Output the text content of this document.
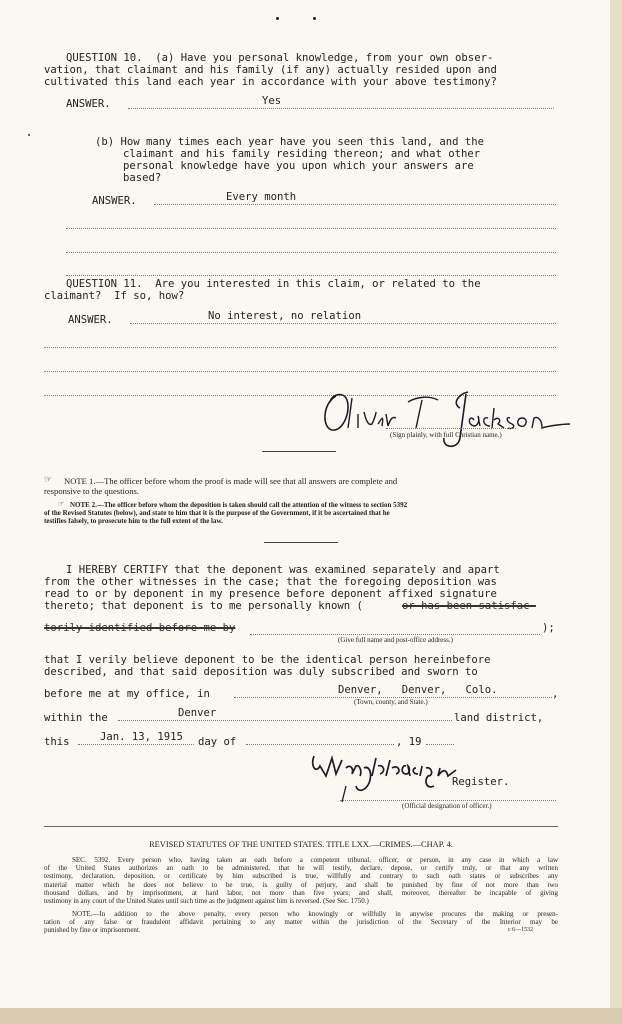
QUESTION 10.  (a) Have you personal knowledge, from your own obser-
vation, that claimant and his family (if any) actually resided upon and
cultivated this land each year in accordance with your above testimony?
ANSWER.	Yes
(b) How many times each year have you seen this land, and the
claimant and his family residing thereon; and what other
personal knowledge have you upon which your answers are
based?
ANSWER.	Every month
QUESTION 11.  Are you interested in this claim, or related to the
claimant?  If so, how?
ANSWER.	No interest, no relation
(Sign plainly, with full Christian name.)
NOTE 1.—The officer before whom the proof is made will see that all answers are complete and
responsive to the questions.
☞
NOTE 2.—The officer before whom the deposition is taken should call the attention of the witness to section 5392
of the Revised Statutes (below), and state to him that it is the purpose of the Government, if it be ascertained that he
testifies falsely, to prosecute him to the full extent of the law.
☞
I HEREBY CERTIFY that the deponent was examined separately and apart
from the other witnesses in the case; that the foregoing deposition was
read to or by deponent in my presence before deponent affixed signature
thereto; that deponent is to me personally known (	or has been satisfac-
torily identified before me by	);
(Give full name and post-office address.)
that I verily believe deponent to be the identical person hereinbefore
described, and that said deposition was duly subscribed and sworn to
before me at my office, in	Denver,   Denver,   Colo.	,
(Town, county, and State.)
within the	Denver	land district,
this	Jan. 13, 1915 day of	, 19
Register.
(Official designation of officer.)
REVISED STATUTES OF THE UNITED STATES. TITLE LXX.—CRIMES.—CHAP. 4.
SEC. 5392. Every person who, having taken an oath before a competent tribunal, officer, or person, in any case in which a law
of the United States authorizes an oath to be administered, that he will testify, declare, depose, or certify truly, or that any written
testimony, declaration, deposition, or certificate by him subscribed is true, willfully and contrary to such oath states or subscribes any
material matter which he does not believe to be true, is guilty of perjury, and shall be punished by fine of not more than two
thousand dollars, and by imprisonment, at hard labor, not more than five years; and shall, moreover, thereafter be incapable of giving
testimony in any court of the United States until such time as the judgment against him is reversed. (See Sec. 1750.)
NOTE.—In addition to the above penalty, every person who knowingly or willfully in anywise procures the making or presen-
tation of any false or fraudulent affidavit pertaining to any matter within the jurisdiction of the Secretary of the Interior may be
punished by fine or imprisonment.	c 6—1532
